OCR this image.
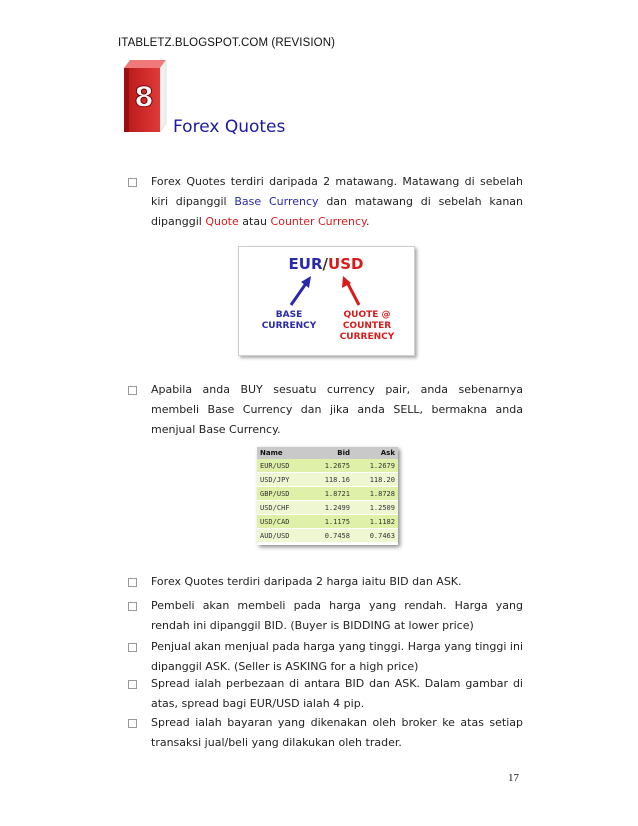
ITABLETZ.BLOGSPOT.COM (REVISION)
8
Forex Quotes
Forex Quotes terdiri daripada 2 matawang. Matawang di sebelah kiri dipanggil Base Currency dan matawang di sebelah kanan dipanggil Quote atau Counter Currency.
EUR/USD
BASE
CURRENCY
QUOTE @
COUNTER
CURRENCY
Apabila anda BUY sesuatu currency pair, anda sebenarnya membeli Base Currency dan jika anda SELL, bermakna anda menjual Base Currency.
Name	Bid	Ask
EUR/USD	1.2675	1.2679
USD/JPY	118.16	118.20
GBP/USD	1.8721	1.8728
USD/CHF	1.2499	1.2509
USD/CAD	1.1175	1.1182
AUD/USD	0.7458	0.7463
Forex Quotes terdiri daripada 2 harga iaitu BID dan ASK.
Pembeli akan membeli pada harga yang rendah. Harga yang rendah ini dipanggil BID. (Buyer is BIDDING at lower price)
Penjual akan menjual pada harga yang tinggi. Harga yang tinggi ini dipanggil ASK. (Seller is ASKING for a high price)
Spread ialah perbezaan di antara BID dan ASK. Dalam gambar di atas, spread bagi EUR/USD ialah 4 pip.
Spread ialah bayaran yang dikenakan oleh broker ke atas setiap transaksi jual/beli yang dilakukan oleh trader.
17
